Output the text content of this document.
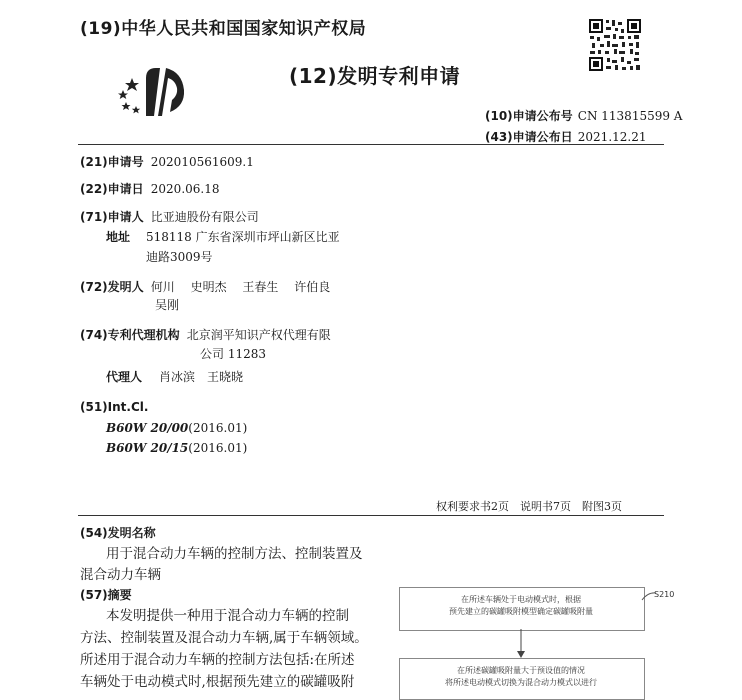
(19)中华人民共和国国家知识产权局
(12)发明专利申请
(10)申请公布号 CN 113815599 A
(43)申请公布日 2021.12.21
(21)申请号 202010561609.1
(22)申请日 2020.06.18
(71)申请人 比亚迪股份有限公司
地址 518118 广东省深圳市坪山新区比亚
迪路3009号
(72)发明人 何川　 史明杰　 王春生　 许伯良
吴刚
(74)专利代理机构 北京润平知识产权代理有限
公司 11283
代理人 肖冰滨　王晓晓
(51)Int.Cl.
B60W 20/00(2016.01)
B60W 20/15(2016.01)
权利要求书2页　说明书7页　附图3页
(54)发明名称
用于混合动力车辆的控制方法、控制装置及
混合动力车辆
(57)摘要
本发明提供一种用于混合动力车辆的控制
方法、控制装置及混合动力车辆,属于车辆领域。
所述用于混合动力车辆的控制方法包括:在所述
车辆处于电动模式时,根据预先建立的碳罐吸附
在所述车辆处于电动模式时，根据
预先建立的碳罐吸附模型确定碳罐吸附量
S210
在所述碳罐吸附量大于预设值的情况
将所述电动模式切换为混合动力模式以进行
